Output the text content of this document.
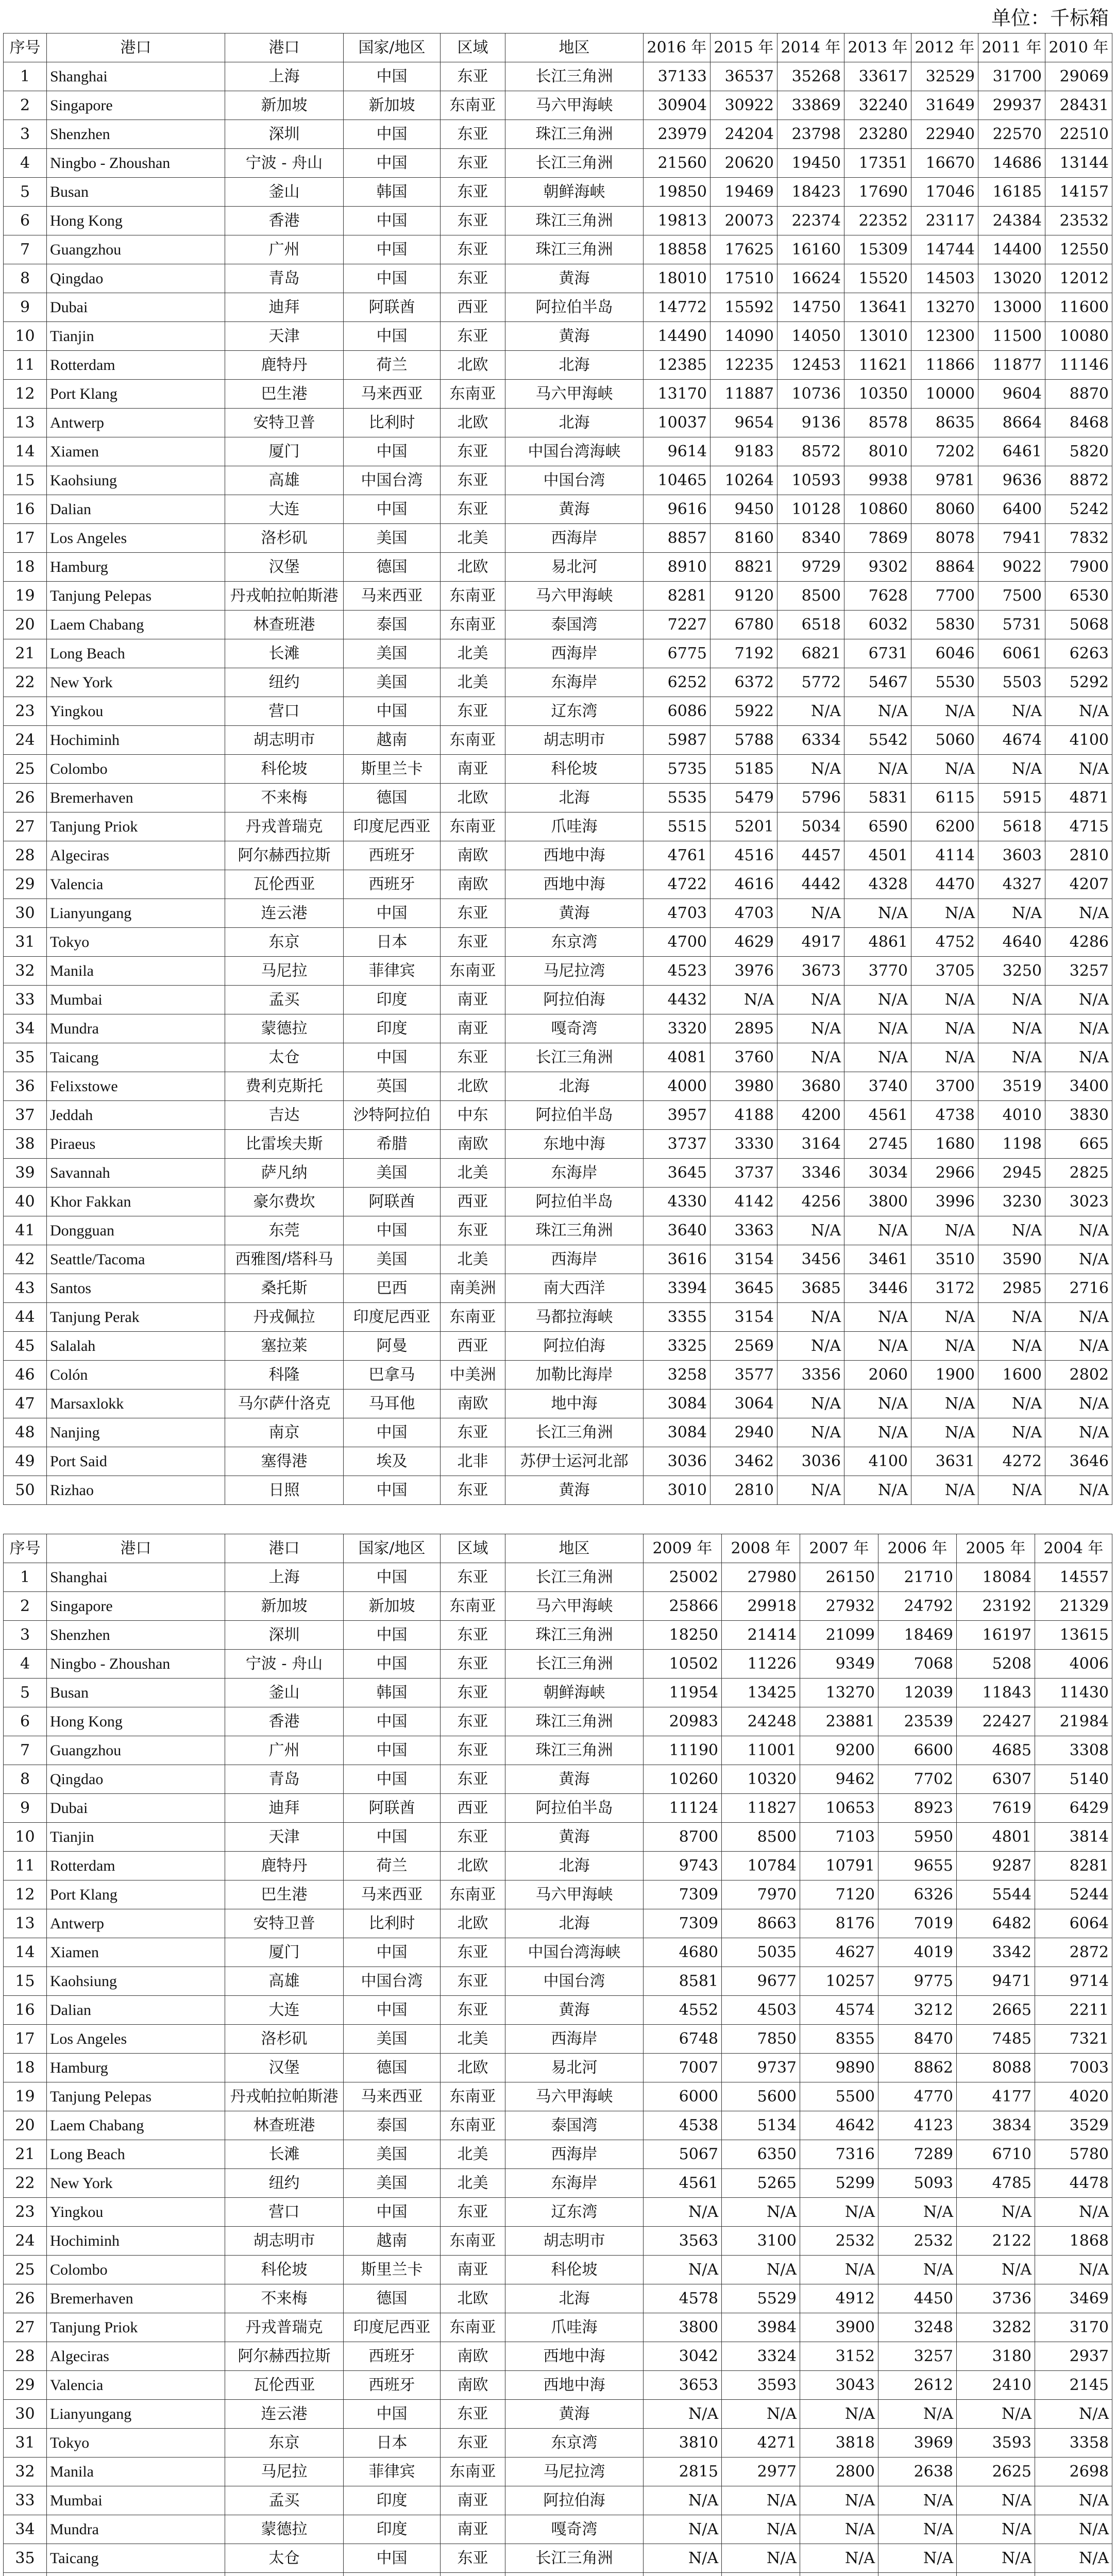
单位：千标箱
序号	港口	港口	国家/地区	区域	地区	2016 年	2015 年	2014 年	2013 年	2012 年	2011 年	2010 年
1	Shanghai	上海	中国	东亚	长江三角洲	37133	36537	35268	33617	32529	31700	29069
2	Singapore	新加坡	新加坡	东南亚	马六甲海峡	30904	30922	33869	32240	31649	29937	28431
3	Shenzhen	深圳	中国	东亚	珠江三角洲	23979	24204	23798	23280	22940	22570	22510
4	Ningbo - Zhoushan	宁波 - 舟山	中国	东亚	长江三角洲	21560	20620	19450	17351	16670	14686	13144
5	Busan	釜山	韩国	东亚	朝鲜海峡	19850	19469	18423	17690	17046	16185	14157
6	Hong Kong	香港	中国	东亚	珠江三角洲	19813	20073	22374	22352	23117	24384	23532
7	Guangzhou	广州	中国	东亚	珠江三角洲	18858	17625	16160	15309	14744	14400	12550
8	Qingdao	青岛	中国	东亚	黄海	18010	17510	16624	15520	14503	13020	12012
9	Dubai	迪拜	阿联酋	西亚	阿拉伯半岛	14772	15592	14750	13641	13270	13000	11600
10	Tianjin	天津	中国	东亚	黄海	14490	14090	14050	13010	12300	11500	10080
11	Rotterdam	鹿特丹	荷兰	北欧	北海	12385	12235	12453	11621	11866	11877	11146
12	Port Klang	巴生港	马来西亚	东南亚	马六甲海峡	13170	11887	10736	10350	10000	9604	8870
13	Antwerp	安特卫普	比利时	北欧	北海	10037	9654	9136	8578	8635	8664	8468
14	Xiamen	厦门	中国	东亚	中国台湾海峡	9614	9183	8572	8010	7202	6461	5820
15	Kaohsiung	高雄	中国台湾	东亚	中国台湾	10465	10264	10593	9938	9781	9636	8872
16	Dalian	大连	中国	东亚	黄海	9616	9450	10128	10860	8060	6400	5242
17	Los Angeles	洛杉矶	美国	北美	西海岸	8857	8160	8340	7869	8078	7941	7832
18	Hamburg	汉堡	德国	北欧	易北河	8910	8821	9729	9302	8864	9022	7900
19	Tanjung Pelepas	丹戎帕拉帕斯港	马来西亚	东南亚	马六甲海峡	8281	9120	8500	7628	7700	7500	6530
20	Laem Chabang	林查班港	泰国	东南亚	泰国湾	7227	6780	6518	6032	5830	5731	5068
21	Long Beach	长滩	美国	北美	西海岸	6775	7192	6821	6731	6046	6061	6263
22	New York	纽约	美国	北美	东海岸	6252	6372	5772	5467	5530	5503	5292
23	Yingkou	营口	中国	东亚	辽东湾	6086	5922	N/A	N/A	N/A	N/A	N/A
24	Hochiminh	胡志明市	越南	东南亚	胡志明市	5987	5788	6334	5542	5060	4674	4100
25	Colombo	科伦坡	斯里兰卡	南亚	科伦坡	5735	5185	N/A	N/A	N/A	N/A	N/A
26	Bremerhaven	不来梅	德国	北欧	北海	5535	5479	5796	5831	6115	5915	4871
27	Tanjung Priok	丹戎普瑞克	印度尼西亚	东南亚	爪哇海	5515	5201	5034	6590	6200	5618	4715
28	Algeciras	阿尔赫西拉斯	西班牙	南欧	西地中海	4761	4516	4457	4501	4114	3603	2810
29	Valencia	瓦伦西亚	西班牙	南欧	西地中海	4722	4616	4442	4328	4470	4327	4207
30	Lianyungang	连云港	中国	东亚	黄海	4703	4703	N/A	N/A	N/A	N/A	N/A
31	Tokyo	东京	日本	东亚	东京湾	4700	4629	4917	4861	4752	4640	4286
32	Manila	马尼拉	菲律宾	东南亚	马尼拉湾	4523	3976	3673	3770	3705	3250	3257
33	Mumbai	孟买	印度	南亚	阿拉伯海	4432	N/A	N/A	N/A	N/A	N/A	N/A
34	Mundra	蒙德拉	印度	南亚	嘎奇湾	3320	2895	N/A	N/A	N/A	N/A	N/A
35	Taicang	太仓	中国	东亚	长江三角洲	4081	3760	N/A	N/A	N/A	N/A	N/A
36	Felixstowe	费利克斯托	英国	北欧	北海	4000	3980	3680	3740	3700	3519	3400
37	Jeddah	吉达	沙特阿拉伯	中东	阿拉伯半岛	3957	4188	4200	4561	4738	4010	3830
38	Piraeus	比雷埃夫斯	希腊	南欧	东地中海	3737	3330	3164	2745	1680	1198	665
39	Savannah	萨凡纳	美国	北美	东海岸	3645	3737	3346	3034	2966	2945	2825
40	Khor Fakkan	豪尔费坎	阿联酋	西亚	阿拉伯半岛	4330	4142	4256	3800	3996	3230	3023
41	Dongguan	东莞	中国	东亚	珠江三角洲	3640	3363	N/A	N/A	N/A	N/A	N/A
42	Seattle/Tacoma	西雅图/塔科马	美国	北美	西海岸	3616	3154	3456	3461	3510	3590	N/A
43	Santos	桑托斯	巴西	南美洲	南大西洋	3394	3645	3685	3446	3172	2985	2716
44	Tanjung Perak	丹戎佩拉	印度尼西亚	东南亚	马都拉海峡	3355	3154	N/A	N/A	N/A	N/A	N/A
45	Salalah	塞拉莱	阿曼	西亚	阿拉伯海	3325	2569	N/A	N/A	N/A	N/A	N/A
46	Colón	科隆	巴拿马	中美洲	加勒比海岸	3258	3577	3356	2060	1900	1600	2802
47	Marsaxlokk	马尔萨什洛克	马耳他	南欧	地中海	3084	3064	N/A	N/A	N/A	N/A	N/A
48	Nanjing	南京	中国	东亚	长江三角洲	3084	2940	N/A	N/A	N/A	N/A	N/A
49	Port Said	塞得港	埃及	北非	苏伊士运河北部	3036	3462	3036	4100	3631	4272	3646
50	Rizhao	日照	中国	东亚	黄海	3010	2810	N/A	N/A	N/A	N/A	N/A
序号	港口	港口	国家/地区	区域	地区	2009 年	2008 年	2007 年	2006 年	2005 年	2004 年
1	Shanghai	上海	中国	东亚	长江三角洲	25002	27980	26150	21710	18084	14557
2	Singapore	新加坡	新加坡	东南亚	马六甲海峡	25866	29918	27932	24792	23192	21329
3	Shenzhen	深圳	中国	东亚	珠江三角洲	18250	21414	21099	18469	16197	13615
4	Ningbo - Zhoushan	宁波 - 舟山	中国	东亚	长江三角洲	10502	11226	9349	7068	5208	4006
5	Busan	釜山	韩国	东亚	朝鲜海峡	11954	13425	13270	12039	11843	11430
6	Hong Kong	香港	中国	东亚	珠江三角洲	20983	24248	23881	23539	22427	21984
7	Guangzhou	广州	中国	东亚	珠江三角洲	11190	11001	9200	6600	4685	3308
8	Qingdao	青岛	中国	东亚	黄海	10260	10320	9462	7702	6307	5140
9	Dubai	迪拜	阿联酋	西亚	阿拉伯半岛	11124	11827	10653	8923	7619	6429
10	Tianjin	天津	中国	东亚	黄海	8700	8500	7103	5950	4801	3814
11	Rotterdam	鹿特丹	荷兰	北欧	北海	9743	10784	10791	9655	9287	8281
12	Port Klang	巴生港	马来西亚	东南亚	马六甲海峡	7309	7970	7120	6326	5544	5244
13	Antwerp	安特卫普	比利时	北欧	北海	7309	8663	8176	7019	6482	6064
14	Xiamen	厦门	中国	东亚	中国台湾海峡	4680	5035	4627	4019	3342	2872
15	Kaohsiung	高雄	中国台湾	东亚	中国台湾	8581	9677	10257	9775	9471	9714
16	Dalian	大连	中国	东亚	黄海	4552	4503	4574	3212	2665	2211
17	Los Angeles	洛杉矶	美国	北美	西海岸	6748	7850	8355	8470	7485	7321
18	Hamburg	汉堡	德国	北欧	易北河	7007	9737	9890	8862	8088	7003
19	Tanjung Pelepas	丹戎帕拉帕斯港	马来西亚	东南亚	马六甲海峡	6000	5600	5500	4770	4177	4020
20	Laem Chabang	林查班港	泰国	东南亚	泰国湾	4538	5134	4642	4123	3834	3529
21	Long Beach	长滩	美国	北美	西海岸	5067	6350	7316	7289	6710	5780
22	New York	纽约	美国	北美	东海岸	4561	5265	5299	5093	4785	4478
23	Yingkou	营口	中国	东亚	辽东湾	N/A	N/A	N/A	N/A	N/A	N/A
24	Hochiminh	胡志明市	越南	东南亚	胡志明市	3563	3100	2532	2532	2122	1868
25	Colombo	科伦坡	斯里兰卡	南亚	科伦坡	N/A	N/A	N/A	N/A	N/A	N/A
26	Bremerhaven	不来梅	德国	北欧	北海	4578	5529	4912	4450	3736	3469
27	Tanjung Priok	丹戎普瑞克	印度尼西亚	东南亚	爪哇海	3800	3984	3900	3248	3282	3170
28	Algeciras	阿尔赫西拉斯	西班牙	南欧	西地中海	3042	3324	3152	3257	3180	2937
29	Valencia	瓦伦西亚	西班牙	南欧	西地中海	3653	3593	3043	2612	2410	2145
30	Lianyungang	连云港	中国	东亚	黄海	N/A	N/A	N/A	N/A	N/A	N/A
31	Tokyo	东京	日本	东亚	东京湾	3810	4271	3818	3969	3593	3358
32	Manila	马尼拉	菲律宾	东南亚	马尼拉湾	2815	2977	2800	2638	2625	2698
33	Mumbai	孟买	印度	南亚	阿拉伯海	N/A	N/A	N/A	N/A	N/A	N/A
34	Mundra	蒙德拉	印度	南亚	嘎奇湾	N/A	N/A	N/A	N/A	N/A	N/A
35	Taicang	太仓	中国	东亚	长江三角洲	N/A	N/A	N/A	N/A	N/A	N/A
